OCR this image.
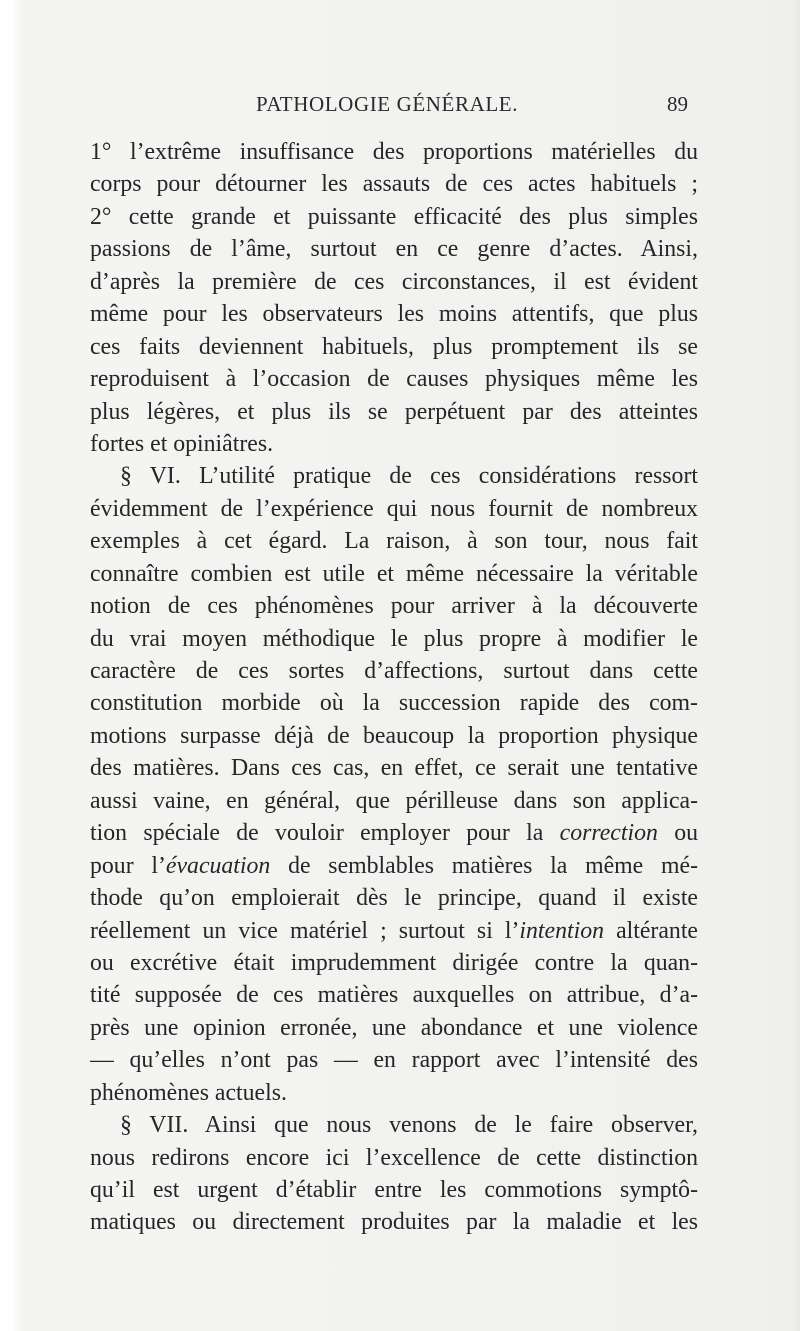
PATHOLOGIE GÉNÉRALE.	89
1° l’extrême insuffisance des proportions matérielles du
corps pour détourner les assauts de ces actes habituels ;
2° cette grande et puissante efficacité des plus simples
passions de l’âme, surtout en ce genre d’actes. Ainsi,
d’après la première de ces circonstances, il est évident
même pour les observateurs les moins attentifs, que plus
ces faits deviennent habituels, plus promptement ils se
reproduisent à l’occasion de causes physiques même les
plus légères, et plus ils se perpétuent par des atteintes
fortes et opiniâtres.
§ VI. L’utilité pratique de ces considérations ressort
évidemment de l’expérience qui nous fournit de nombreux
exemples à cet égard. La raison, à son tour, nous fait
connaître combien est utile et même nécessaire la véritable
notion de ces phénomènes pour arriver à la découverte
du vrai moyen méthodique le plus propre à modifier le
caractère de ces sortes d’affections, surtout dans cette
constitution morbide où la succession rapide des com-
motions surpasse déjà de beaucoup la proportion physique
des matières. Dans ces cas, en effet, ce serait une tentative
aussi vaine, en général, que périlleuse dans son applica-
tion spéciale de vouloir employer pour la correction ou
pour l’évacuation de semblables matières la même mé-
thode qu’on emploierait dès le principe, quand il existe
réellement un vice matériel ; surtout si l’intention altérante
ou excrétive était imprudemment dirigée contre la quan-
tité supposée de ces matières auxquelles on attribue, d’a-
près une opinion erronée, une abondance et une violence
— qu’elles n’ont pas — en rapport avec l’intensité des
phénomènes actuels.
§ VII. Ainsi que nous venons de le faire observer,
nous redirons encore ici l’excellence de cette distinction
qu’il est urgent d’établir entre les commotions symptô-
matiques ou directement produites par la maladie et les
